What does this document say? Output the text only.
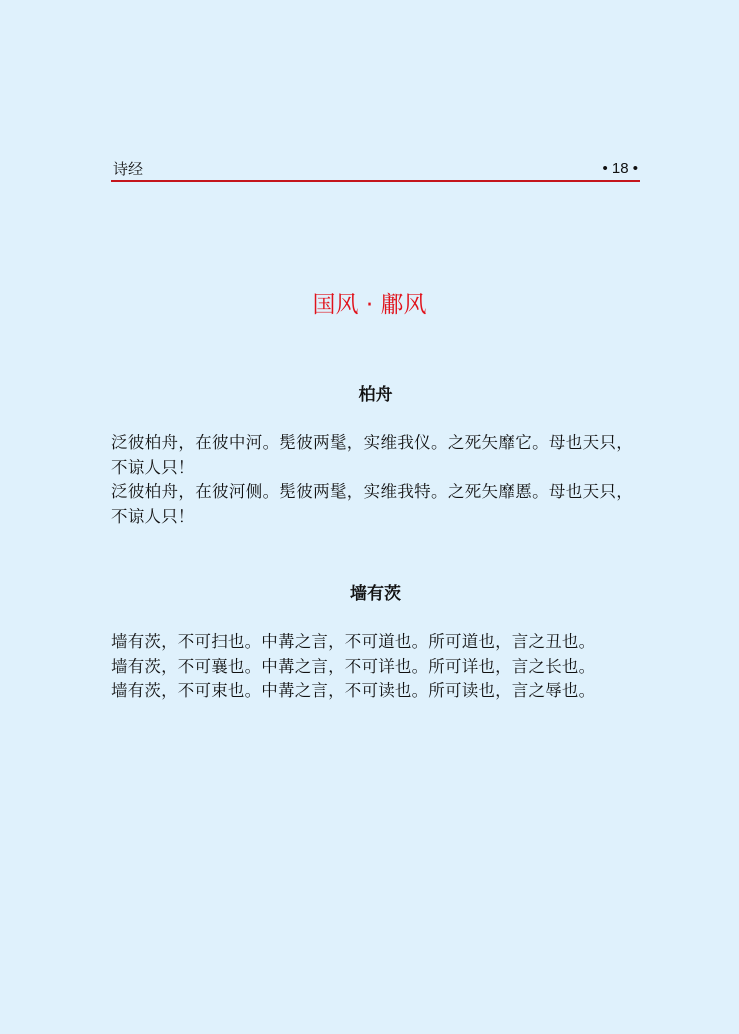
诗经	• 18 •
国风 · 鄘风
柏舟

泛彼柏舟，在彼中河。髧彼两髦，实维我仪。之死矢靡它。母也天只，不谅人只！

泛彼柏舟，在彼河侧。髧彼两髦，实维我特。之死矢靡慝。母也天只，不谅人只！

墙有茨

墙有茨，不可扫也。中冓之言，不可道也。所可道也，言之丑也。

墙有茨，不可襄也。中冓之言，不可详也。所可详也，言之长也。

墙有茨，不可束也。中冓之言，不可读也。所可读也，言之辱也。
